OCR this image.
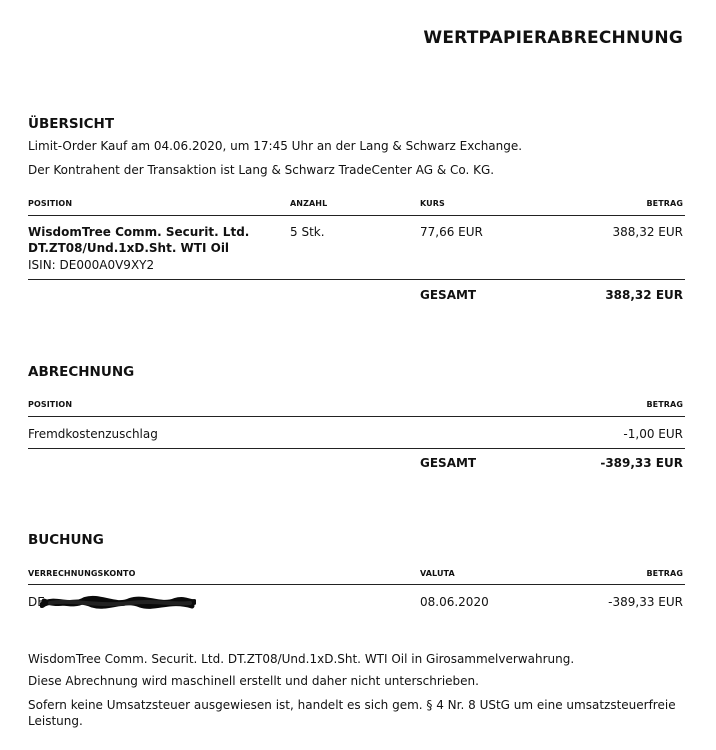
WERTPAPIERABRECHNUNG
ÜBERSICHT
Limit-Order Kauf am 04.06.2020, um 17:45 Uhr an der Lang & Schwarz Exchange.
Der Kontrahent der Transaktion ist Lang & Schwarz TradeCenter AG & Co. KG.
POSITION	ANZAHL	KURS	BETRAG
WisdomTree Comm. Securit. Ltd.
DT.ZT08/Und.1xD.Sht. WTI Oil
ISIN: DE000A0V9XY2
5 Stk.	77,66 EUR	388,32 EUR
GESAMT	388,32 EUR
ABRECHNUNG
POSITION	BETRAG
Fremdkostenzuschlag	-1,00 EUR
GESAMT	-389,33 EUR
BUCHUNG
VERRECHNUNGSKONTO	VALUTA	BETRAG
DE	08.06.2020	-389,33 EUR
WisdomTree Comm. Securit. Ltd. DT.ZT08/Und.1xD.Sht. WTI Oil in Girosammelverwahrung.
Diese Abrechnung wird maschinell erstellt und daher nicht unterschrieben.
Sofern keine Umsatzsteuer ausgewiesen ist, handelt es sich gem. § 4 Nr. 8 UStG um eine umsatzsteuerfreie
Leistung.
